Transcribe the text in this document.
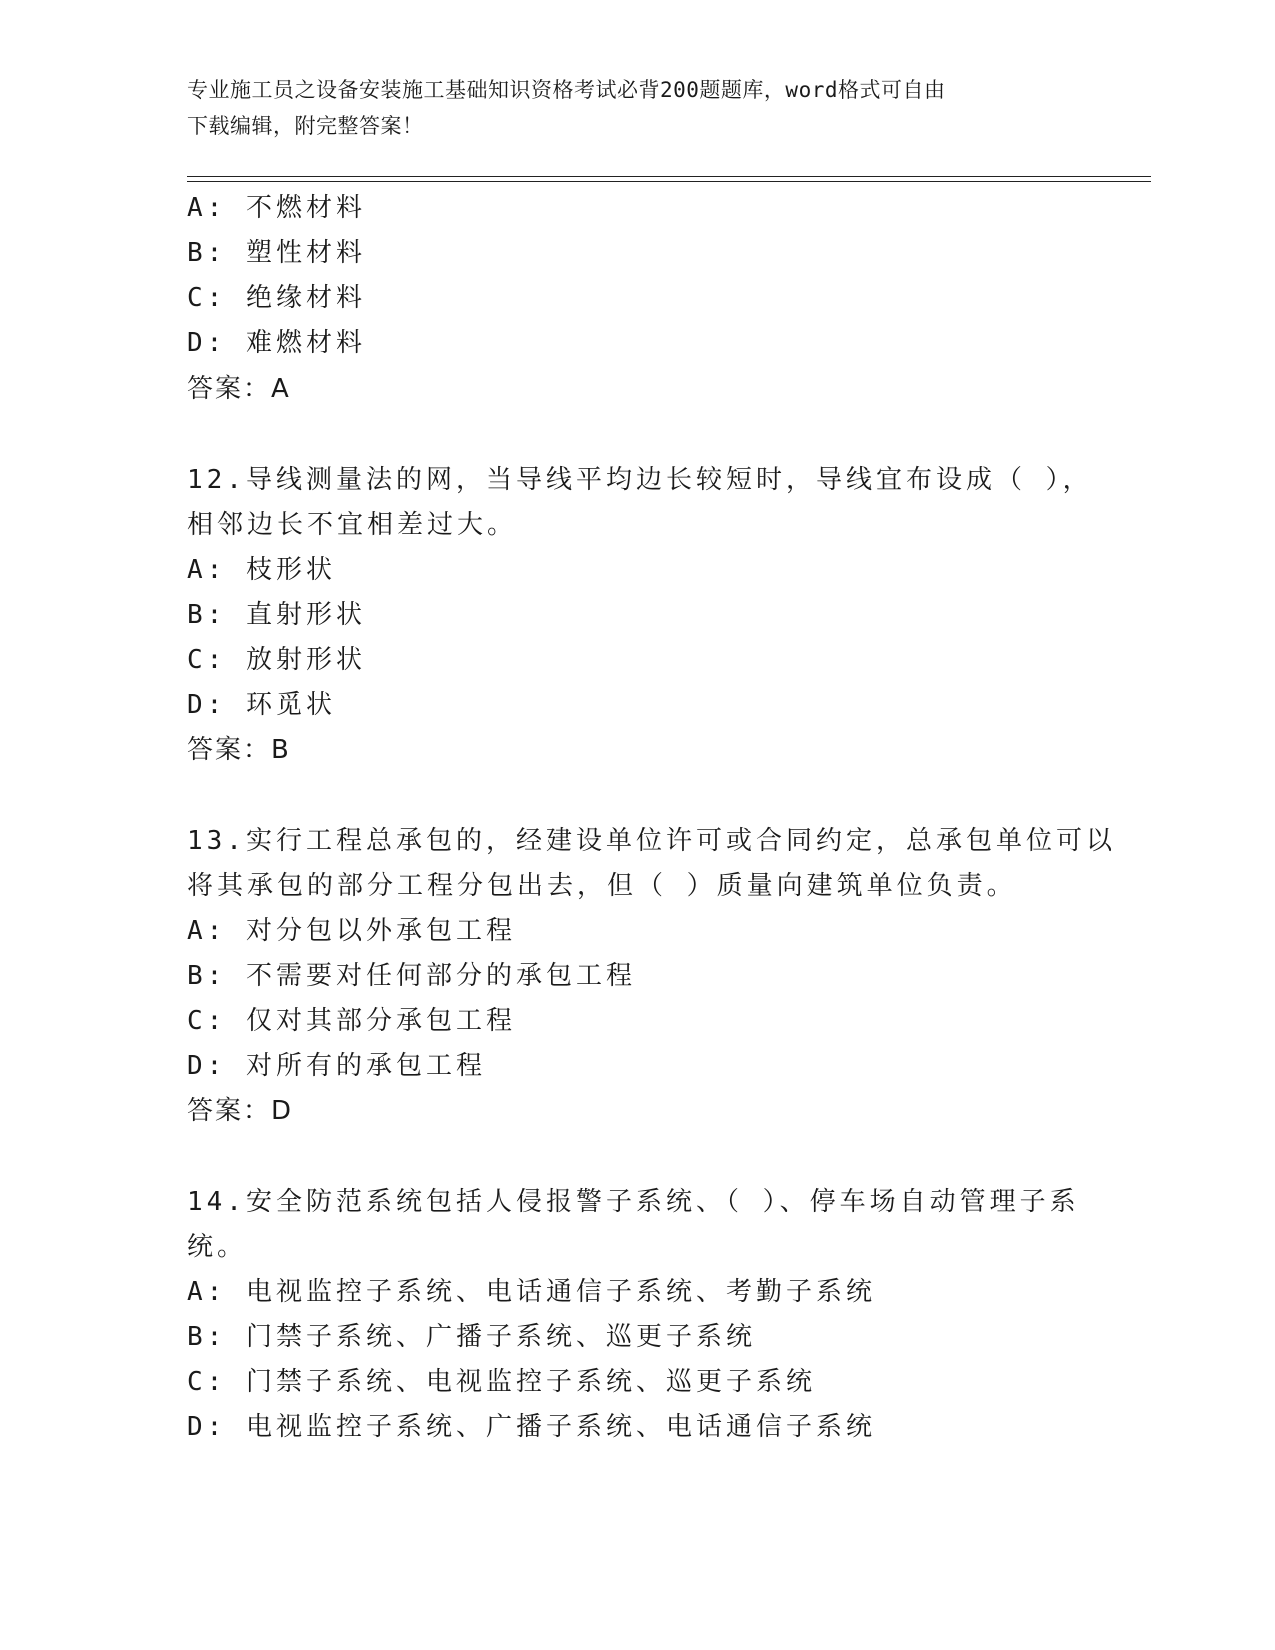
专业施工员之设备安装施工基础知识资格考试必背200题题库，word格式可自由
下载编辑，附完整答案！
A: 不燃材料
B: 塑性材料
C: 绝缘材料
D: 难燃材料
答案：A
12.导线测量法的网，当导线平均边长较短时，导线宜布设成（ ），
相邻边长不宜相差过大。
A: 枝形状
B: 直射形状
C: 放射形状
D: 环觅状
答案：B
13.实行工程总承包的，经建设单位许可或合同约定，总承包单位可以
将其承包的部分工程分包出去，但（ ）质量向建筑单位负责。
A: 对分包以外承包工程
B: 不需要对任何部分的承包工程
C: 仅对其部分承包工程
D: 对所有的承包工程
答案：D
14.安全防范系统包括人侵报警子系统、（ ）、停车场自动管理子系
统。
A: 电视监控子系统、电话通信子系统、考勤子系统
B: 门禁子系统、广播子系统、巡更子系统
C: 门禁子系统、电视监控子系统、巡更子系统
D: 电视监控子系统、广播子系统、电话通信子系统
